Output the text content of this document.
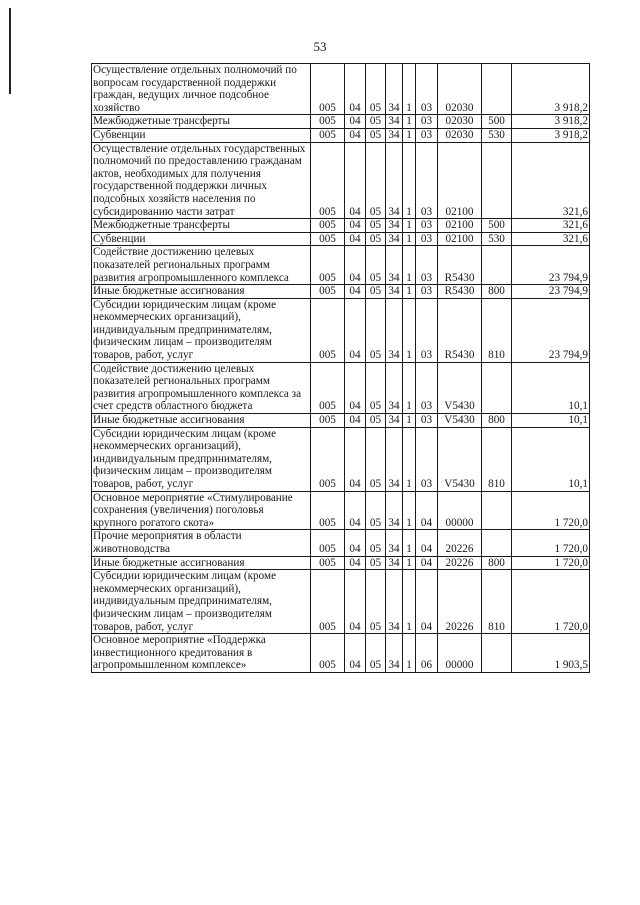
53
Осуществление отдельных полномочий по вопросам государственной поддержки граждан, ведущих личное подсобное хозяйство	005	04	05	34	1	03	02030		3 918,2
Межбюджетные трансферты	005	04	05	34	1	03	02030	500	3 918,2
Субвенции	005	04	05	34	1	03	02030	530	3 918,2
Осуществление отдельных государственных полномочий по предоставлению гражданам актов, необходимых для получения государственной поддержки личных подсобных хозяйств населения по субсидированию части затрат	005	04	05	34	1	03	02100		321,6
Межбюджетные трансферты	005	04	05	34	1	03	02100	500	321,6
Субвенции	005	04	05	34	1	03	02100	530	321,6
Содействие достижению целевых показателей региональных программ развития агропромышленного комплекса	005	04	05	34	1	03	R5430		23 794,9
Иные бюджетные ассигнования	005	04	05	34	1	03	R5430	800	23 794,9
Субсидии юридическим лицам (кроме некоммерческих организаций), индивидуальным предпринимателям, физическим лицам – производителям товаров, работ, услуг	005	04	05	34	1	03	R5430	810	23 794,9
Содействие достижению целевых показателей региональных программ развития агропромышленного комплекса за счет средств областного бюджета	005	04	05	34	1	03	V5430		10,1
Иные бюджетные ассигнования	005	04	05	34	1	03	V5430	800	10,1
Субсидии юридическим лицам (кроме некоммерческих организаций), индивидуальным предпринимателям, физическим лицам – производителям товаров, работ, услуг	005	04	05	34	1	03	V5430	810	10,1
Основное мероприятие «Стимулирование сохранения (увеличения) поголовья крупного рогатого скота»	005	04	05	34	1	04	00000		1 720,0
Прочие мероприятия в области животноводства	005	04	05	34	1	04	20226		1 720,0
Иные бюджетные ассигнования	005	04	05	34	1	04	20226	800	1 720,0
Субсидии юридическим лицам (кроме некоммерческих организаций), индивидуальным предпринимателям, физическим лицам – производителям товаров, работ, услуг	005	04	05	34	1	04	20226	810	1 720,0
Основное мероприятие «Поддержка инвестиционного кредитования в агропромышленном комплексе»	005	04	05	34	1	06	00000		1 903,5
